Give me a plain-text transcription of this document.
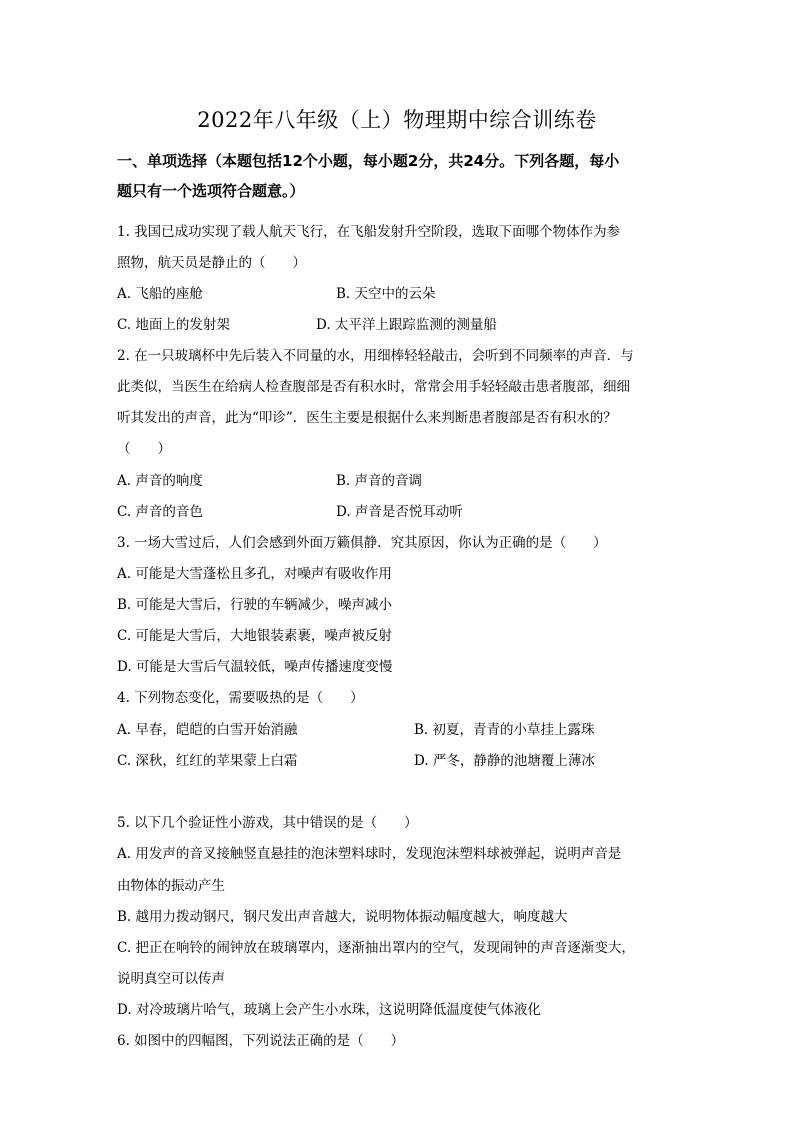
2022年八年级（上）物理期中综合训练卷
一、单项选择（本题包括12个小题，每小题2分，共24分。下列各题，每小
题只有一个选项符合题意。）
1. 我国已成功实现了载人航天飞行，在飞船发射升空阶段，选取下面哪个物体作为参
照物，航天员是静止的（　　）
A. 飞船的座舱	B. 天空中的云朵
C. 地面上的发射架	D. 太平洋上跟踪监测的测量船
2. 在一只玻璃杯中先后装入不同量的水，用细棒轻轻敲击，会听到不同频率的声音．与
此类似，当医生在给病人检查腹部是否有积水时，常常会用手轻轻敲击患者腹部，细细
听其发出的声音，此为“叩诊”．医生主要是根据什么来判断患者腹部是否有积水的？
（　　）
A. 声音的响度	B. 声音的音调
C. 声音的音色	D. 声音是否悦耳动听
3. 一场大雪过后，人们会感到外面万籁俱静．究其原因，你认为正确的是（　　）
A. 可能是大雪蓬松且多孔，对噪声有吸收作用
B. 可能是大雪后，行驶的车辆减少，噪声减小
C. 可能是大雪后，大地银装素裹，噪声被反射
D. 可能是大雪后气温较低，噪声传播速度变慢
4. 下列物态变化，需要吸热的是（　　）
A. 早春，皑皑的白雪开始消融	B. 初夏，青青的小草挂上露珠
C. 深秋，红红的苹果蒙上白霜	D. 严冬，静静的池塘覆上薄冰
5. 以下几个验证性小游戏，其中错误的是（　　）
A. 用发声的音叉接触竖直悬挂的泡沫塑料球时，发现泡沫塑料球被弹起，说明声音是
由物体的振动产生
B. 越用力拨动钢尺，钢尺发出声音越大，说明物体振动幅度越大，响度越大
C. 把正在响铃的闹钟放在玻璃罩内，逐渐抽出罩内的空气，发现闹钟的声音逐渐变大，
说明真空可以传声
D. 对冷玻璃片哈气，玻璃上会产生小水珠，这说明降低温度使气体液化
6. 如图中的四幅图，下列说法正确的是（　　）
